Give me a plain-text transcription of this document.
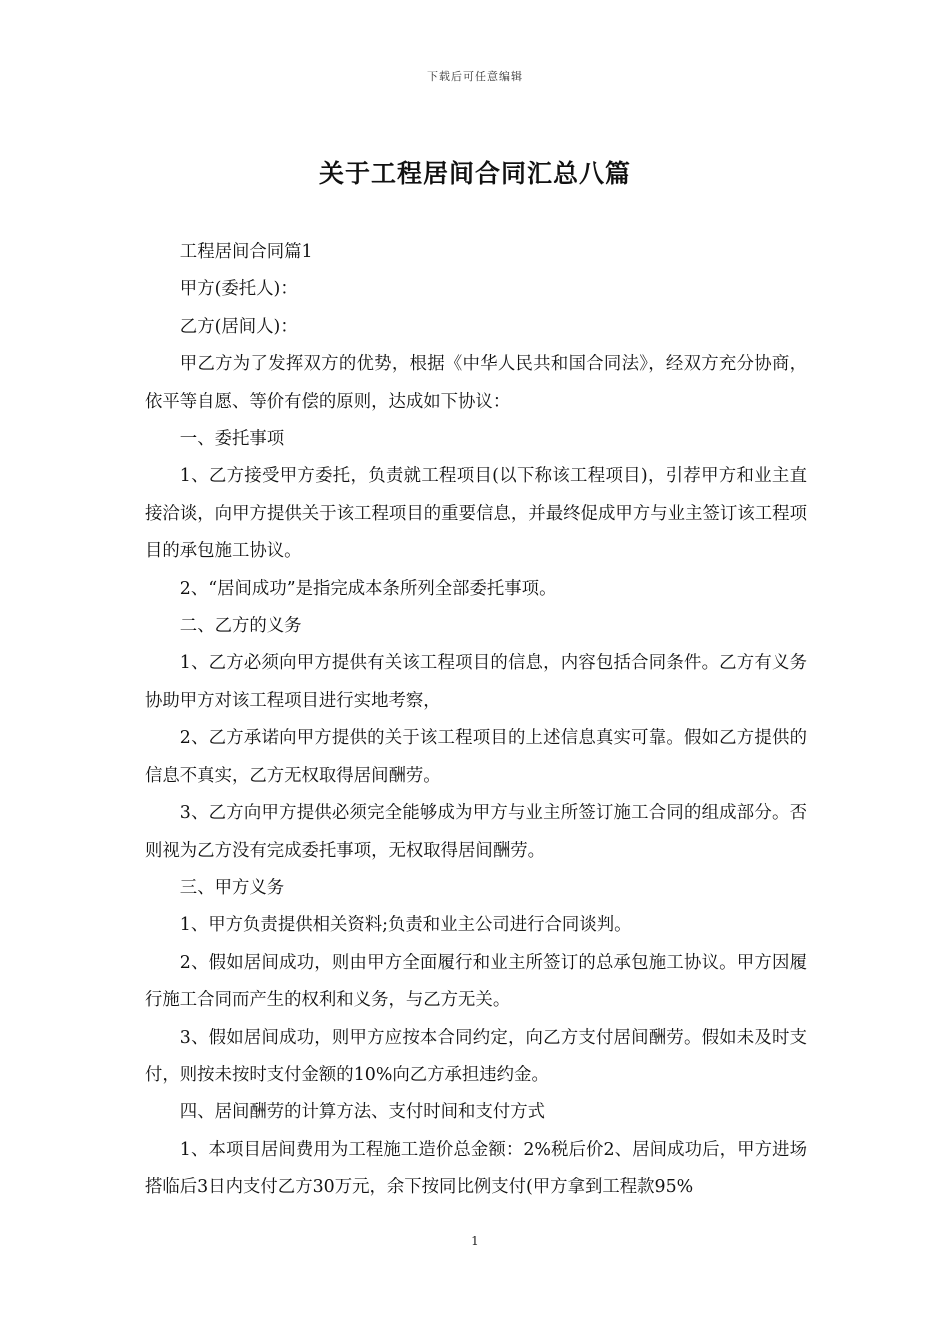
下载后可任意编辑
关于工程居间合同汇总八篇

工程居间合同篇1

甲方(委托人)：

乙方(居间人)：

甲乙方为了发挥双方的优势，根据《中华人民共和国合同法》，经双方充分协商，依平等自愿、等价有偿的原则，达成如下协议：

一、委托事项

1、乙方接受甲方委托，负责就工程项目(以下称该工程项目)，引荐甲方和业主直接洽谈，向甲方提供关于该工程项目的重要信息，并最终促成甲方与业主签订该工程项目的承包施工协议。

2、“居间成功”是指完成本条所列全部委托事项。

二、乙方的义务

1、乙方必须向甲方提供有关该工程项目的信息，内容包括合同条件。乙方有义务协助甲方对该工程项目进行实地考察，

2、乙方承诺向甲方提供的关于该工程项目的上述信息真实可靠。假如乙方提供的信息不真实，乙方无权取得居间酬劳。

3、乙方向甲方提供必须完全能够成为甲方与业主所签订施工合同的组成部分。否则视为乙方没有完成委托事项，无权取得居间酬劳。

三、甲方义务

1、甲方负责提供相关资料;负责和业主公司进行合同谈判。

2、假如居间成功，则由甲方全面履行和业主所签订的总承包施工协议。甲方因履行施工合同而产生的权利和义务，与乙方无关。

3、假如居间成功，则甲方应按本合同约定，向乙方支付居间酬劳。假如未及时支付，则按未按时支付金额的10%向乙方承担违约金。

四、居间酬劳的计算方法、支付时间和支付方式

1、本项目居间费用为工程施工造价总金额：2%税后价2、居间成功后，甲方进场搭临后3日内支付乙方30万元，余下按同比例支付(甲方拿到工程款95%

1
